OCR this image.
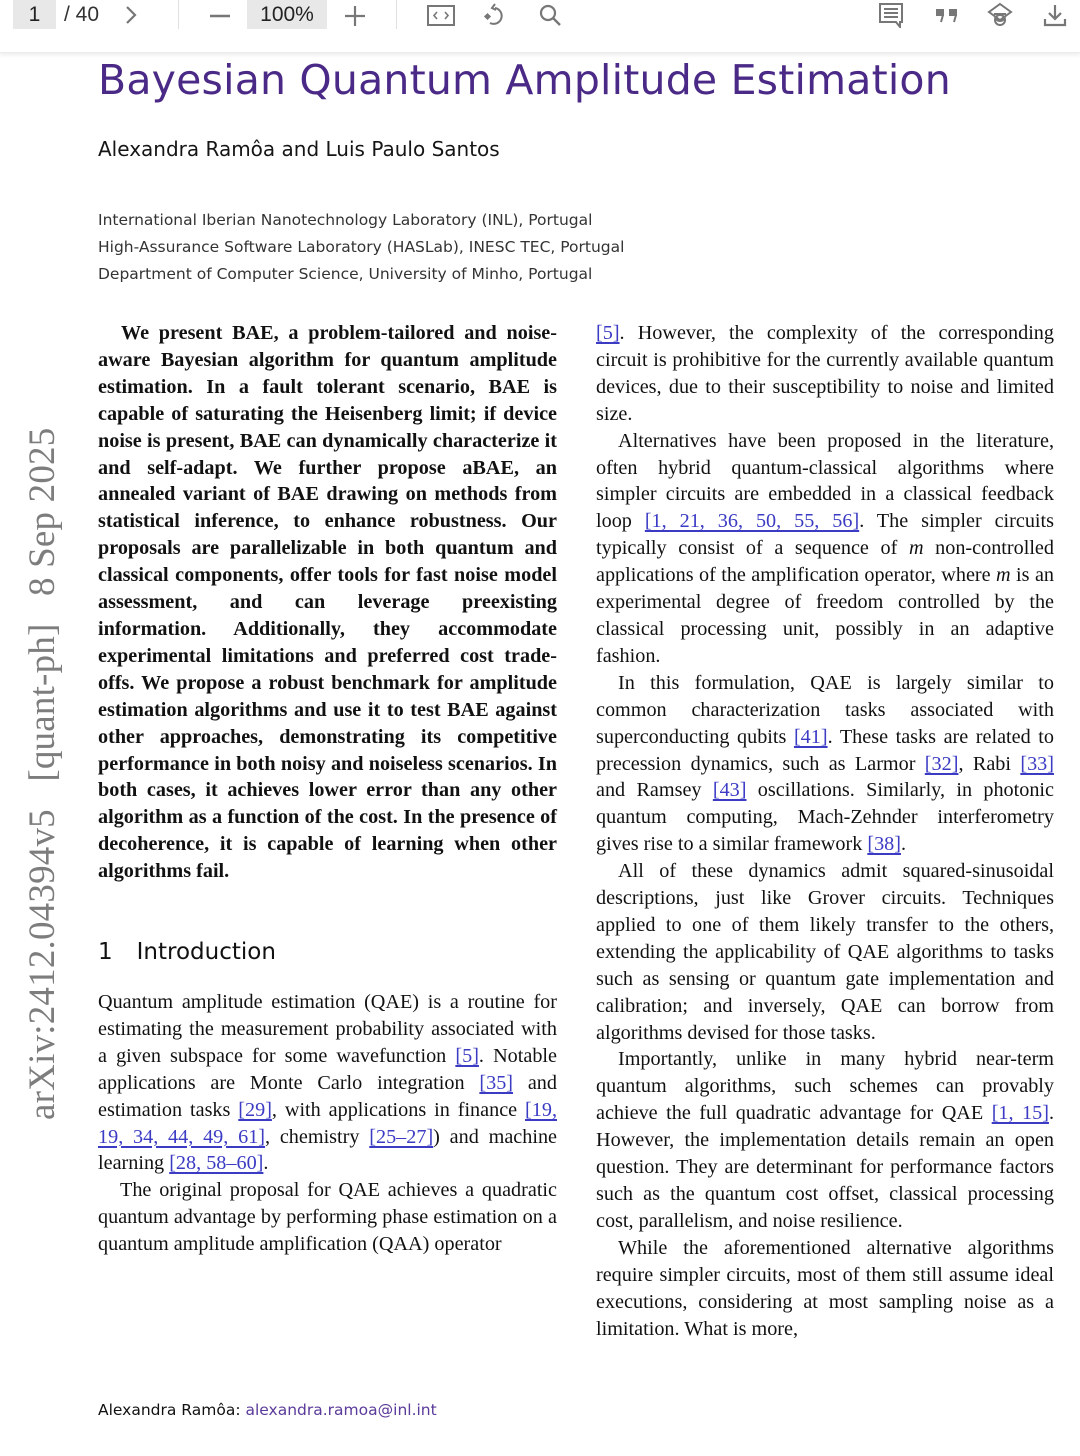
1	/ 40	100%
arXiv:2412.04394v5 [quant-ph] 8 Sep 2025
Bayesian Quantum Amplitude Estimation
Alexandra Ramôa and Luis Paulo Santos
International Iberian Nanotechnology Laboratory (INL), Portugal
High-Assurance Software Laboratory (HASLab), INESC TEC, Portugal
Department of Computer Science, University of Minho, Portugal

We present BAE, a problem-tailored and noise-aware Bayesian algorithm for quantum amplitude estimation. In a fault tolerant scenario, BAE is capable of saturating the Heisenberg limit; if device noise is present, BAE can dynamically characterize it and self-adapt. We further propose aBAE, an annealed variant of BAE drawing on methods from statistical inference, to enhance robustness. Our proposals are parallelizable in both quantum and classical components, offer tools for fast noise model assessment, and can leverage preexisting information. Additionally, they accommodate experimental limitations and preferred cost trade-offs. We propose a robust benchmark for amplitude estimation algorithms and use it to test BAE against other approaches, demonstrating its competitive performance in both noisy and noiseless scenarios. In both cases, it achieves lower error than any other algorithm as a function of the cost. In the presence of decoherence, it is capable of learning when other algorithms fail.

1 Introduction

Quantum amplitude estimation (QAE) is a routine for estimating the measurement probability associated with a given subspace for some wavefunction [5]. Notable applications are Monte Carlo integration [35] and estimation tasks [29], with applications in finance [19, 19, 34, 44, 49, 61], chemistry [25–27]) and machine learning [28, 58–60].

The original proposal for QAE achieves a quadratic quantum advantage by performing phase estimation on a quantum amplitude amplification (QAA) operator

[5]. However, the complexity of the corresponding circuit is prohibitive for the currently available quantum devices, due to their susceptibility to noise and limited size.

Alternatives have been proposed in the literature, often hybrid quantum-classical algorithms where simpler circuits are embedded in a classical feedback loop [1, 21, 36, 50, 55, 56]. The simpler circuits typically consist of a sequence of m non-controlled applications of the amplification operator, where m is an experimental degree of freedom controlled by the classical processing unit, possibly in an adaptive fashion.

In this formulation, QAE is largely similar to common characterization tasks associated with superconducting qubits [41]. These tasks are related to precession dynamics, such as Larmor [32], Rabi [33] and Ramsey [43] oscillations. Similarly, in photonic quantum computing, Mach-Zehnder interferometry gives rise to a similar framework [38].

All of these dynamics admit squared-sinusoidal descriptions, just like Grover circuits. Techniques applied to one of them likely transfer to the others, extending the applicability of QAE algorithms to tasks such as sensing or quantum gate implementation and calibration; and inversely, QAE can borrow from algorithms devised for those tasks.

Importantly, unlike in many hybrid near-term quantum algorithms, such schemes can provably achieve the full quadratic advantage for QAE [1, 15]. However, the implementation details remain an open question. They are determinant for performance factors such as the quantum cost offset, classical processing cost, parallelism, and noise resilience.

While the aforementioned alternative algorithms require simpler circuits, most of them still assume ideal executions, considering at most sampling noise as a limitation. What is more,

Alexandra Ramôa: alexandra.ramoa@inl.int
